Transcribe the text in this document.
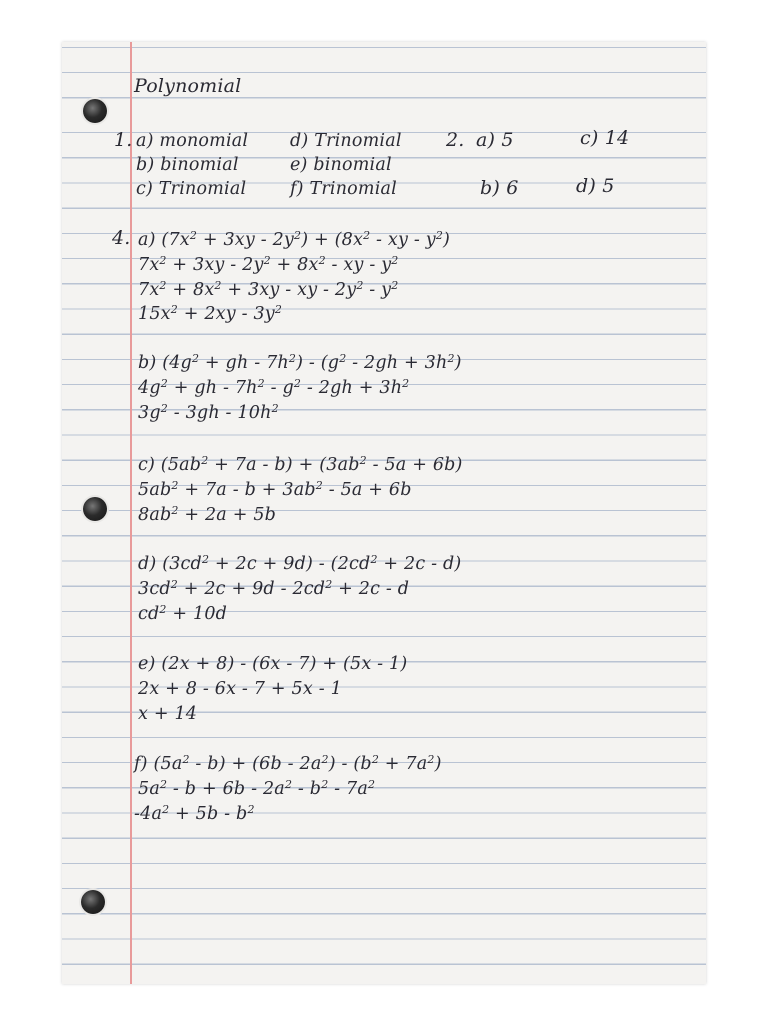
Polynomial
1. a) monomial
b) binomial
c) Trinomial
d) Trinomial
e) binomial
f) Trinomial
2. a) 5
b) 6
c) 14
d) 5
4. a) $(7x^2 + 3xy - 2y^2) + (8x^2$ - xy - $y^2$)
$7x^2 + 3xy - 2y^2 + 8x^2$ - xy - $y^2$
$7x^2 + 8x^2 + 3xy$ - xy - $2y^2 - y^2$
$15x^2 + 2xy - 3y^2$
b) ($4g^2$ + gh - $7h^2) - (g^2 - 2gh + 3h^2)$
$4g^2$ + gh - $7h^2 - g^2 - 2gh + 3h^2$
$3g^2 - 3gh - 10h^2$
c) $(5ab^2 + 7a - b) + (3ab^2 - 5a + 6b)$
$5ab^2 + 7a - b + 3ab^2 - 5a + 6b$
$8ab^2 + 2a + 5b$
d) $(3cd^2 + 2c + 9d) - (2cd^2 + 2c - d)$
$3cd^2 + 2c + 9d - 2cd^2 + 2c - d$
$cd^2 + 10d$
e) (2x + 8) - (6x - 7) + (5x - 1)
2x + 8 - 6x - 7 + 5x - 1
x + 14
f) $(5a^2 - b) + (6b - 2a^2) - (b^2 + 7a^2)$
$5a^2 - b + 6b - 2a^2 - b^2 - 7a^2$
$-4a^2 + 5b - b^2$
